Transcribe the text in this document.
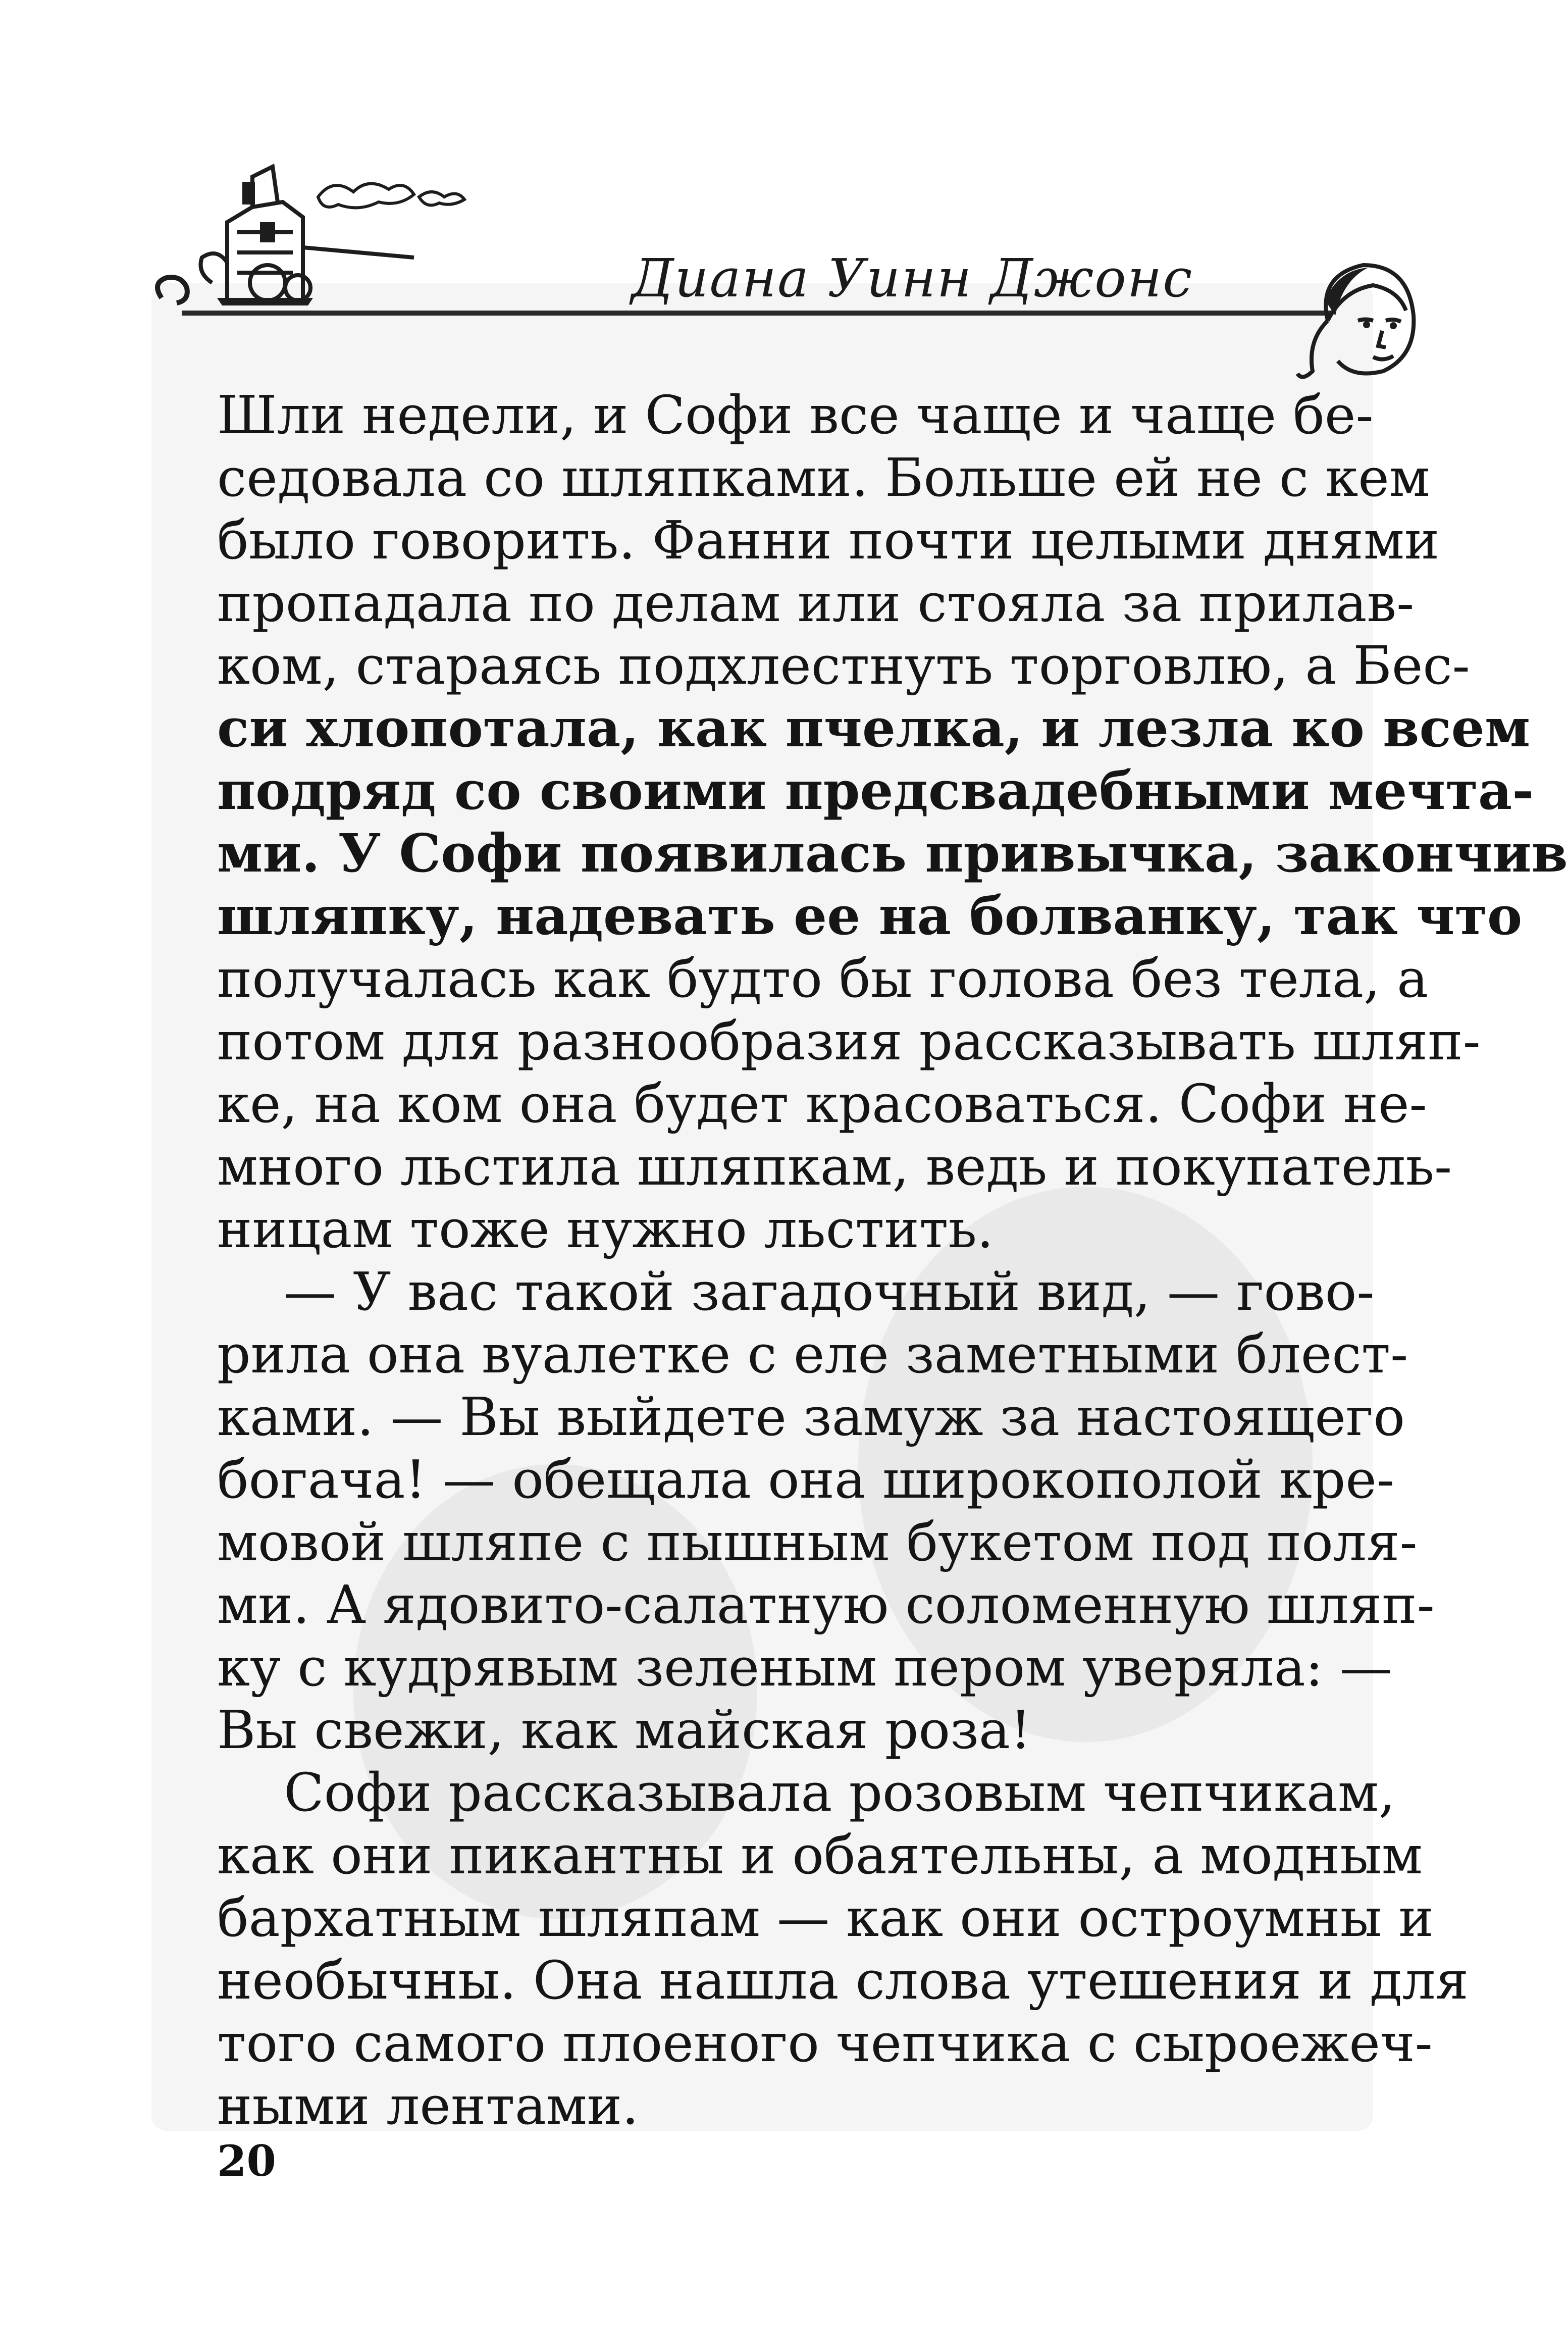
Диана Уинн Джонс
Шли недели, и Софи все чаще и чаще бе-
седовала со шляпками. Больше ей не с кем
было говорить. Фанни почти целыми днями
пропадала по делам или стояла за прилав-
ком, стараясь подхлестнуть торговлю, а Бес-
си хлопотала, как пчелка, и лезла ко всем
подряд со своими предсвадебными мечта-
ми. У Софи появилась привычка, закончив
шляпку, надевать ее на болванку, так что
получалась как будто бы голова без тела, а
потом для разнообразия рассказывать шляп-
ке, на ком она будет красоваться. Софи не-
много льстила шляпкам, ведь и покупатель-
ницам тоже нужно льстить.
— У вас такой загадочный вид, — гово-
рила она вуалетке с еле заметными блест-
ками. — Вы выйдете замуж за настоящего
богача! — обещала она широкополой кре-
мовой шляпе с пышным букетом под поля-
ми. А ядовито-салатную соломенную шляп-
ку с кудрявым зеленым пером уверяла: —
Вы свежи, как майская роза!
Софи рассказывала розовым чепчикам,
как они пикантны и обаятельны, а модным
бархатным шляпам — как они остроумны и
необычны. Она нашла слова утешения и для
того самого плоеного чепчика с сыроежеч-
ными лентами.
20
